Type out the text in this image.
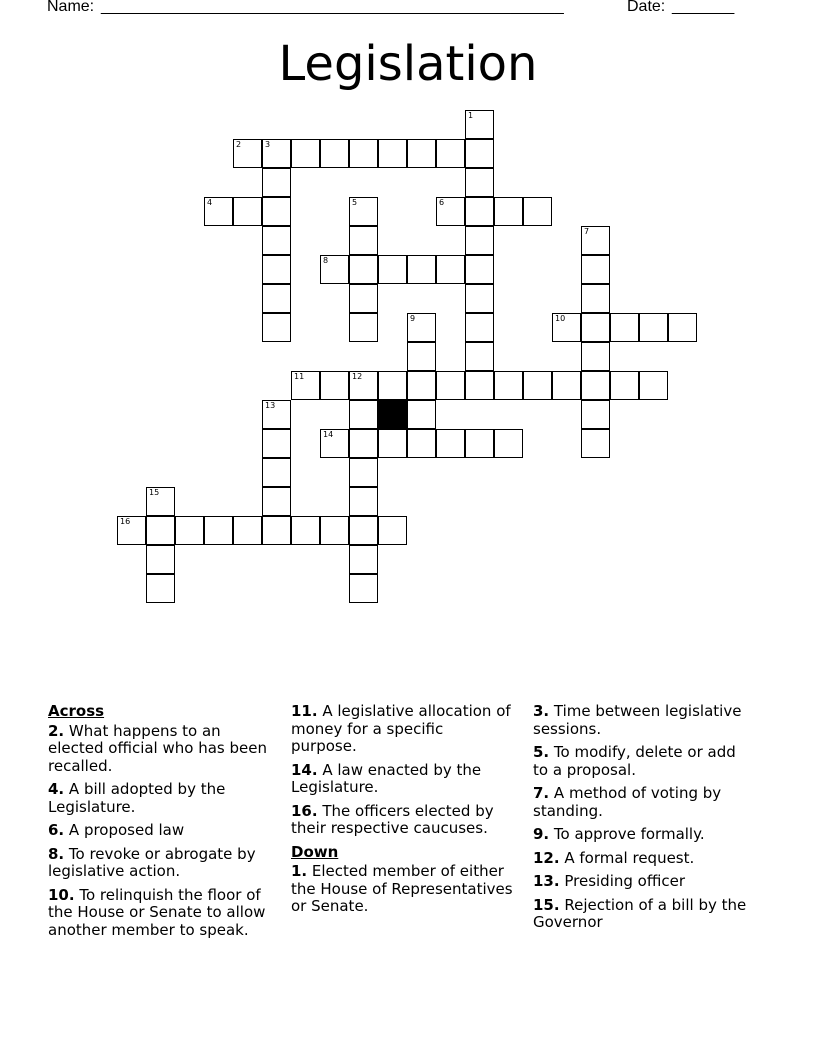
Name: ____________________________________________________	Date: _______
Legislation
1
2	3
4	5	6
7
8
9	10
11	12
13
14
15
16
Across
2. What happens to an elected official who has been recalled.
4. A bill adopted by the Legislature.
6. A proposed law
8. To revoke or abrogate by legislative action.
10. To relinquish the floor of the House or Senate to allow another member to speak.
11. A legislative allocation of money for a specific purpose.
14. A law enacted by the Legislature.
16. The officers elected by their respective caucuses.
Down
1. Elected member of either the House of Representatives or Senate.
3. Time between legislative sessions.
5. To modify, delete or add to a proposal.
7. A method of voting by standing.
9. To approve formally.
12. A formal request.
13. Presiding officer
15. Rejection of a bill by the Governor
